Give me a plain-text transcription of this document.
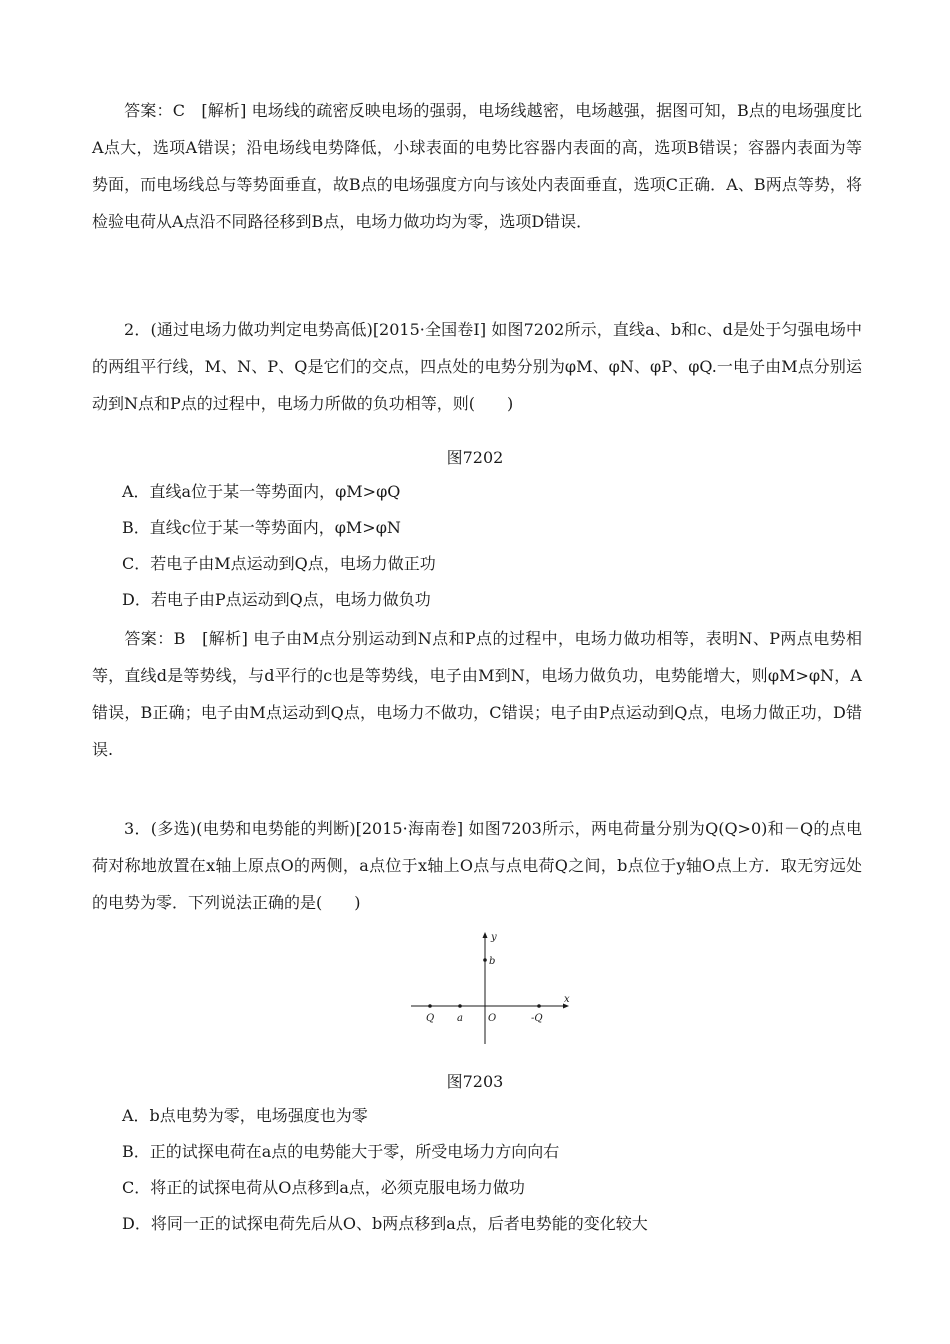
答案：C　[解析] 电场线的疏密反映电场的强弱，电场线越密，电场越强，据图可知，B点的电场强度比A点大，选项A错误；沿电场线电势降低，小球表面的电势比容器内表面的高，选项B错误；容器内表面为等势面，而电场线总与等势面垂直，故B点的电场强度方向与该处内表面垂直，选项C正确．A、B两点等势，将检验电荷从A点沿不同路径移到B点，电场力做功均为零，选项D错误．

2．(通过电场力做功判定电势高低)[2015·全国卷Ⅰ] 如图7202所示，直线a、b和c、d是处于匀强电场中的两组平行线，M、N、P、Q是它们的交点，四点处的电势分别为φM、φN、φP、φQ.一电子由M点分别运动到N点和P点的过程中，电场力所做的负功相等，则(　　)

图7202
A．直线a位于某一等势面内，φM>φQ
B．直线c位于某一等势面内，φM>φN
C．若电子由M点运动到Q点，电场力做正功
D．若电子由P点运动到Q点，电场力做负功

答案：B　[解析] 电子由M点分别运动到N点和P点的过程中，电场力做功相等，表明N、P两点电势相等，直线d是等势线，与d平行的c也是等势线，电子由M到N，电场力做负功，电势能增大，则φM>φN，A错误，B正确；电子由M点运动到Q点，电场力不做功，C错误；电子由P点运动到Q点，电场力做正功，D错误.

3．(多选)(电势和电势能的判断)[2015·海南卷] 如图7203所示，两电荷量分别为Q(Q>0)和－Q的点电荷对称地放置在x轴上原点O的两侧，a点位于x轴上O点与点电荷Q之间，b点位于y轴O点上方．取无穷远处的电势为零．下列说法正确的是(　　)

y
x
b
Q a	O	-Q
图7203
A．b点电势为零，电场强度也为零
B．正的试探电荷在a点的电势能大于零，所受电场力方向向右
C．将正的试探电荷从O点移到a点，必须克服电场力做功
D．将同一正的试探电荷先后从O、b两点移到a点，后者电势能的变化较大
